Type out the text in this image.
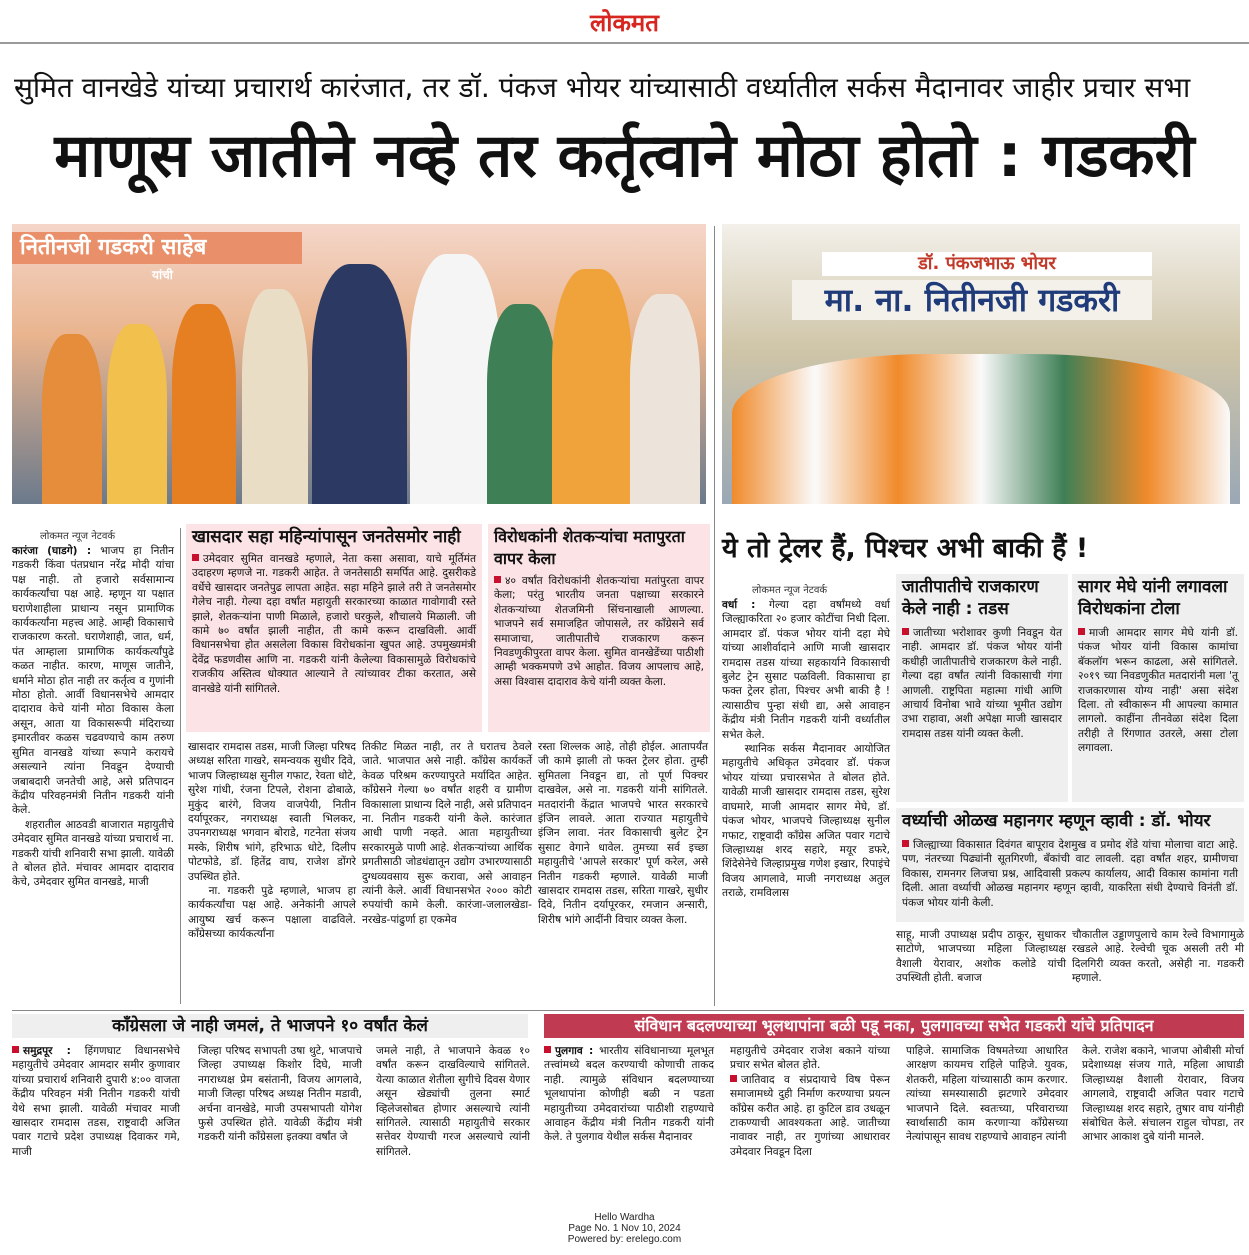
लोकमत
सुमित वानखेडे यांच्या प्रचारार्थ कारंजात, तर डॉ. पंकज भोयर यांच्यासाठी वर्ध्यातील सर्कस मैदानावर जाहीर प्रचार सभा
माणूस जातीने नव्हे तर कर्तृत्वाने मोठा होतो : गडकरी
नितीनजी गडकरी साहेब
यांची
डॉ. पंकजभाऊ भोयर
मा. ना. नितीनजी गडकरी
लोकमत न्यूज नेटवर्क
कारंजा (घाडगे) : भाजप हा नितीन गडकरी किंवा पंतप्रधान नरेंद्र मोदी यांचा पक्ष नाही. तो हजारो सर्वसामान्य कार्यकर्त्यांचा पक्ष आहे. म्हणून या पक्षात घराणेशाहीला प्राधान्य नसून प्रामाणिक कार्यकर्त्यांना महत्त्व आहे. आम्ही विकासाचे राजकारण करतो. घराणेशाही, जात, धर्म, पंत आम्हाला प्रामाणिक कार्यकर्त्यांपुढे कळत नाहीत. कारण, माणूस जातीने, धर्माने मोठा होत नाही तर कर्तृत्व व गुणांनी मोठा होतो. आर्वी विधानसभेचे आमदार दादाराव केचे यांनी मोठा विकास केला असून, आता या विकासरूपी मंदिराच्या इमारतीवर कळस चढवण्याचे काम तरुण सुमित वानखडे यांच्या रूपाने करायचे असल्याने त्यांना निवडून देण्याची जबाबदारी जनतेची आहे, असे प्रतिपादन केंद्रीय परिवहनमंत्री नितीन गडकरी यांनी केले.
शहरातील आठवडी बाजारात महायुतीचे उमेदवार सुमित वानखडे यांच्या प्रचारार्थ ना. गडकरी यांची शनिवारी सभा झाली. यावेळी ते बोलत होते. मंचावर आमदार दादाराव केचे, उमेदवार सुमित वानखडे, माजी
खासदार सहा महिन्यांपासून जनतेसमोर नाही
उमेदवार सुमित वानखडे म्हणाले, नेता कसा असावा, याचे मूर्तिमंत उदाहरण म्हणजे ना. गडकरी आहेत. ते जनतेसाठी समर्पित आहे. दुसरीकडे वर्धेचे खासदार जनतेपुढ लापता आहेत. सहा महिने झाले तरी ते जनतेसमोर गेलेच नाही. गेल्या दहा वर्षांत महायुती सरकारच्या काळात गावोगावी रस्ते झाले, शेतकऱ्यांना पाणी मिळाले, हजारो घरकुले, शौचालये मिळाली. जी कामे ७० वर्षांत झाली नाहीत, ती कामे करून दाखविली. आर्वी विधानसभेचा होत असलेला विकास विरोधकांना खुपत आहे. उपमुख्यमंत्री देवेंद्र फडणवीस आणि ना. गडकरी यांनी केलेल्या विकासामुळे विरोधकांचे राजकीय अस्तित्व धोक्यात आल्याने ते त्यांच्यावर टीका करतात, असे वानखेडे यांनी सांगितले.
विरोधकांनी शेतकऱ्यांचा मतापुरता वापर केला
४० वर्षांत विरोधकांनी शेतकऱ्यांचा मतांपुरता वापर केला; परंतु भारतीय जनता पक्षाच्या सरकारने शेतकऱ्यांच्या शेतजमिनी सिंचनाखाली आणल्या. भाजपने सर्व समाजहित जोपासले, तर काँग्रेसने सर्व समाजाचा, जातीपातीचे राजकारण करून निवडणुकीपुरता वापर केला. सुमित वानखेडेंच्या पाठीशी आम्ही भक्कमपणे उभे आहोत. विजय आपलाच आहे, असा विश्वास दादाराव केचे यांनी व्यक्त केला.
खासदार रामदास तडस, माजी जिल्हा परिषद अध्यक्ष सरिता गाखरे, समन्वयक सुधीर दिवे, भाजप जिल्हाध्यक्ष सुनील गफाट, रेवता धोटे, सुरेश गांधी, रंजना टिपले, रोशना ढोबाळे, मुकुंद बारंगे, विजय वाजपेयी, नितीन दर्यापूरकर, नगराध्यक्ष स्वाती भिलकर, उपनगराध्यक्ष भगवान बोराडे, गटनेता संजय मस्के, शिरीष भांगे, हरिभाऊ धोटे, दिलीप पोटफोडे, डॉ. हितेंद्र वाघ, राजेश डोंगरे उपस्थित होते.
ना. गडकरी पुढे म्हणाले, भाजप हा कार्यकर्त्यांचा पक्ष आहे. अनेकांनी आपले आयुष्य खर्च करून पक्षाला वाढविले. काँग्रेसच्या कार्यकर्त्यांना
तिकीट मिळत नाही, तर ते घरातच ठेवले जाते. भाजपात असे नाही. काँग्रेस कार्यकर्ते केवळ परिश्रम करण्यापुरते मर्यादित आहेत. काँग्रेसने गेल्या ७० वर्षांत शहरी व ग्रामीण विकासाला प्राधान्य दिले नाही, असे प्रतिपादन ना. नितीन गडकरी यांनी केले. कारंजात आधी पाणी नव्हते. आता महायुतीच्या सरकारमुळे पाणी आहे. शेतकऱ्यांच्या आर्थिक प्रगतीसाठी जोडधंद्यातून उद्योग उभारण्यासाठी दुग्धव्यवसाय सुरू करावा, असे आवाहन त्यांनी केले. आर्वी विधानसभेत २००० कोटी रुपयांची कामे केली. कारंजा-जलालखेडा-नरखेड-पांढुर्णा हा एकमेव
रस्ता शिल्लक आहे, तोही होईल. आतापर्यंत जी कामे झाली तो फक्त ट्रेलर होता. तुम्ही सुमितला निवडून द्या, तो पूर्ण पिक्चर दाखवेल, असे ना. गडकरी यांनी सांगितले. मतदारांनी केंद्रात भाजपचे भारत सरकारचे इंजिन लावले. आता राज्यात महायुतीचे इंजिन लावा. नंतर विकासाची बुलेट ट्रेन सुसाट वेगाने धावेल. तुमच्या सर्व इच्छा महायुतीचे 'आपले सरकार' पूर्ण करेल, असे नितीन गडकरी म्हणाले. यावेळी माजी खासदार रामदास तडस, सरिता गाखरे, सुधीर दिवे, नितीन दर्यापूरकर, रमजान अन्सारी, शिरीष भांगे आदींनी विचार व्यक्त केला.
ये तो ट्रेलर हैं, पिश्चर अभी बाकी हैं !
लोकमत न्यूज नेटवर्क
वर्धा : गेल्या दहा वर्षांमध्ये वर्धा जिल्ह्याकरिता २० हजार कोटींचा निधी दिला. आमदार डॉ. पंकज भोयर यांनी दहा मेघे यांच्या आशीर्वादाने आणि माजी खासदार रामदास तडस यांच्या सहकार्याने विकासाची बुलेट ट्रेन सुसाट पळविली. विकासाचा हा फक्त ट्रेलर होता, पिश्चर अभी बाकी है ! त्यासाठीच पुन्हा संधी द्या, असे आवाहन केंद्रीय मंत्री नितीन गडकरी यांनी वर्ध्यातील सभेत केले.
स्थानिक सर्कस मैदानावर आयोजित महायुतीचे अधिकृत उमेदवार डॉ. पंकज भोयर यांच्या प्रचारसभेत ते बोलत होते. यावेळी माजी खासदार रामदास तडस, सुरेश वाघमारे, माजी आमदार सागर मेघे, डॉ. पंकज भोयर, भाजपचे जिल्हाध्यक्ष सुनील गफाट, राष्ट्रवादी काँग्रेस अजित पवार गटाचे जिल्हाध्यक्ष शरद सहारे, मयूर डफरे, शिंदेसेनेचे जिल्हाप्रमुख गणेश इखार, रिपाइंचे विजय आगलावे, माजी नगराध्यक्ष अतुल तराळे, रामविलास
जातीपातीचे राजकारण केले नाही : तडस
जातीच्या भरोशावर कुणी निवडून येत नाही. आमदार डॉ. पंकज भोयर यांनी कधीही जातीपातीचे राजकारण केले नाही. गेल्या दहा वर्षांत त्यांनी विकासाची गंगा आणली. राष्ट्रपिता महात्मा गांधी आणि आचार्य विनोबा भावे यांच्या भूमीत उद्योग उभा राहावा, अशी अपेक्षा माजी खासदार रामदास तडस यांनी व्यक्त केली.
सागर मेघे यांनी लगावला विरोधकांना टोला
माजी आमदार सागर मेघे यांनी डॉ. पंकज भोयर यांनी विकास कामांचा बॅकलॉग भरून काढला, असे सांगितले. २०१९ च्या निवडणुकीत मतदारांनी मला 'तू राजकारणास योग्य नाही' असा संदेश दिला. तो स्वीकारून मी आपल्या कामात लागलो. काहींना तीनवेळा संदेश दिला तरीही ते रिंगणात उतरले, असा टोला लगावला.
वर्ध्याची ओळख महानगर म्हणून व्हावी : डॉ. भोयर
जिल्ह्याच्या विकासात दिवंगत बापूराव देशमुख व प्रमोद शेंडे यांचा मोलाचा वाटा आहे. पण, नंतरच्या पिढ्यांनी सूतगिरणी, बँकांची वाट लावली. दहा वर्षांत शहर, ग्रामीणचा विकास, रामनगर लिजचा प्रश्न, आदिवासी प्रकल्प कार्यालय, आदी विकास कामांना गती दिली. आता वर्ध्याची ओळख महानगर म्हणून व्हावी, याकरिता संधी देण्याचे विनंती डॉ. पंकज भोयर यांनी केली.
साहू, माजी उपाध्यक्ष प्रदीप ठाकूर, सुधाकर साटोणे, भाजपच्या महिला जिल्हाध्यक्ष वैशाली येरावार, अशोक कलोडे यांची उपस्थिती होती. बजाज
चौकातील उड्डाणपुलाचे काम रेल्वे विभागामुळे रखडले आहे. रेल्वेची चूक असली तरी मी दिलगिरी व्यक्त करतो, असेही ना. गडकरी म्हणाले.
काँग्रेसला जे नाही जमलं, ते भाजपने १० वर्षांत केलं
समुद्रपूर : हिंगणघाट विधानसभेचे महायुतीचे उमेदवार आमदार समीर कुणावार यांच्या प्रचारार्थ शनिवारी दुपारी ४:०० वाजता केंद्रीय परिवहन मंत्री नितीन गडकरी यांची येथे सभा झाली. यावेळी मंचावर माजी खासदार रामदास तडस, राष्ट्रवादी अजित पवार गटाचे प्रदेश उपाध्यक्ष दिवाकर गमे, माजी
जिल्हा परिषद सभापती उषा थुटे, भाजपाचे जिल्हा उपाध्यक्ष किशोर दिघे, माजी नगराध्यक्ष प्रेम बसंतानी, विजय आगलावे, माजी जिल्हा परिषद अध्यक्ष नितीन मडावी, अर्चना वानखेडे, माजी उपसभापती योगेश फुसे उपस्थित होते. यावेळी केंद्रीय मंत्री गडकरी यांनी काँग्रेसला इतक्या वर्षांत जे
जमले नाही, ते भाजपाने केवळ १० वर्षांत करून दाखविल्याचे सांगितले. येत्या काळात शेतीला सुगीचे दिवस येणार असून खेड्यांची तुलना स्मार्ट व्हिलेजसोबत होणार असल्याचे त्यांनी सांगितले. त्यासाठी महायुतीचे सरकार सत्तेवर येण्याची गरज असल्याचे त्यांनी सांगितले.
संविधान बदलण्याच्या भूलथापांना बळी पडू नका, पुलगावच्या सभेत गडकरी यांचे प्रतिपादन
पुलगाव : भारतीय संविधानाच्या मूलभूत तत्त्वांमध्ये बदल करण्याची कोणाची ताकद नाही. त्यामुळे संविधान बदलण्याच्या भूलथापांना कोणीही बळी न पडता महायुतीच्या उमेदवारांच्या पाठीशी राहण्याचे आवाहन केंद्रीय मंत्री नितीन गडकरी यांनी केले. ते पुलगाव येथील सर्कस मैदानावर
महायुतीचे उमेदवार राजेश बकाने यांच्या प्रचार सभेत बोलत होते.
जातिवाद व संप्रदायाचे विष पेरून समाजामध्ये दुही निर्माण करण्याचा प्रयत्न काँग्रेस करीत आहे. हा कुटिल डाव उधळून टाकण्याची आवश्यकता आहे. जातीच्या नावावर नाही, तर गुणांच्या आधारावर उमेदवार निवडून दिला
पाहिजे. सामाजिक विषमतेच्या आधारित आरक्षण कायमच राहिले पाहिजे. युवक, शेतकरी, महिला यांच्यासाठी काम करणार. त्यांच्या समस्यासाठी झटणारे उमेदवार भाजपाने दिले. स्वतःच्या, परिवाराच्या स्वार्थासाठी काम करणाऱ्या काँग्रेसच्या नेत्यांपासून सावध राहण्याचे आवाहन त्यांनी
केले. राजेश बकाने, भाजपा ओबीसी मोर्चा प्रदेशाध्यक्ष संजय गाते, महिला आघाडी जिल्हाध्यक्ष वैशाली येरावार, विजय आगलावे, राष्ट्रवादी अजित पवार गटाचे जिल्हाध्यक्ष शरद सहारे, तुषार वाघ यांनीही संबोधित केले. संचालन राहुल चोपडा, तर आभार आकाश दुबे यांनी मानले.
Hello Wardha
Page No. 1 Nov 10, 2024
Powered by: erelego.com
